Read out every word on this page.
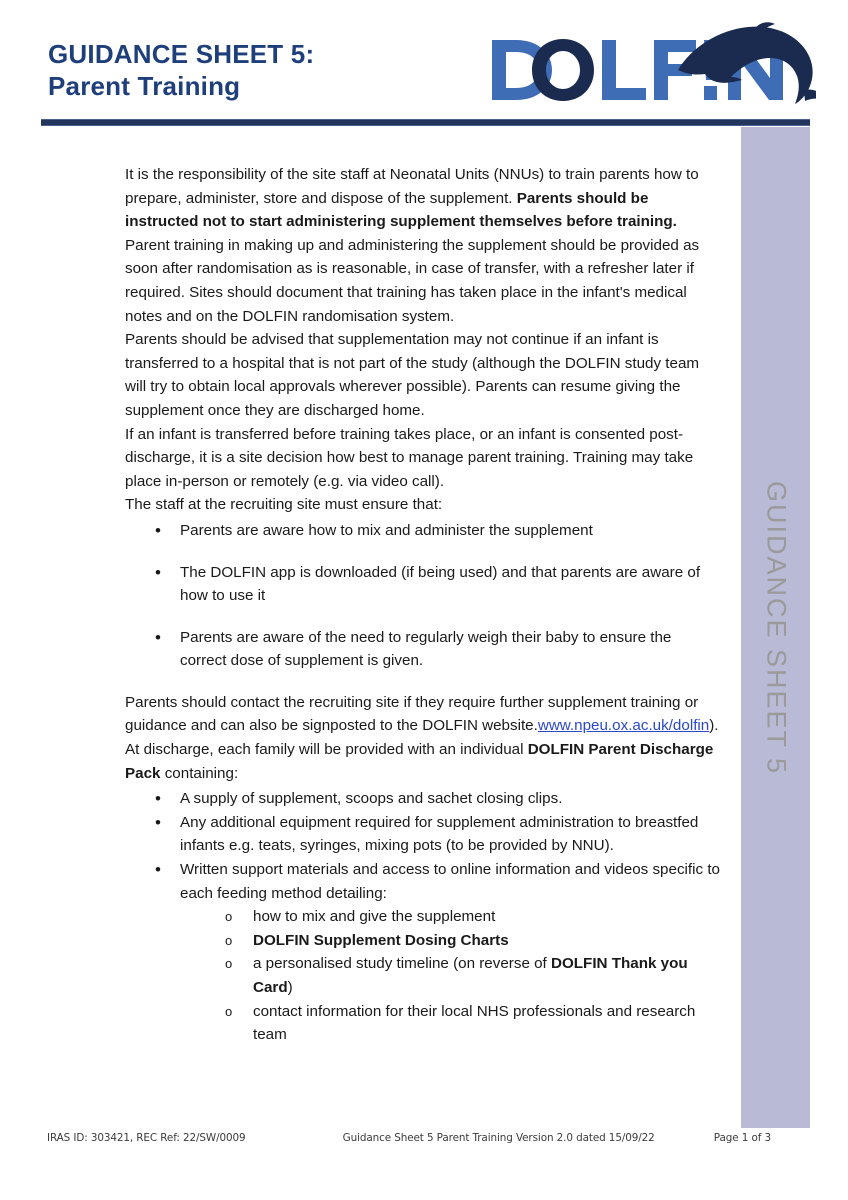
GUIDANCE SHEET 5:
Parent Training
GUIDANCE SHEET 5

It is the responsibility of the site staff at Neonatal Units (NNUs) to train parents how to prepare, administer, store and dispose of the supplement. Parents should be instructed not to start administering supplement themselves before training. Parent training in making up and administering the supplement should be provided as soon after randomisation as is reasonable, in case of transfer, with a refresher later if required. Sites should document that training has taken place in the infant's medical notes and on the DOLFIN randomisation system.

Parents should be advised that supplementation may not continue if an infant is transferred to a hospital that is not part of the study (although the DOLFIN study team will try to obtain local approvals wherever possible). Parents can resume giving the supplement once they are discharged home.

If an infant is transferred before training takes place, or an infant is consented post-discharge, it is a site decision how best to manage parent training. Training may take place in-person or remotely (e.g. via video call).

The staff at the recruiting site must ensure that:

• Parents are aware how to mix and administer the supplement
• The DOLFIN app is downloaded (if being used) and that parents are aware of how to use it
• Parents are aware of the need to regularly weigh their baby to ensure the correct dose of supplement is given.

Parents should contact the recruiting site if they require further supplement training or guidance and can also be signposted to the DOLFIN website.www.npeu.ox.ac.uk/dolfin).

At discharge, each family will be provided with an individual DOLFIN Parent Discharge Pack containing:

• A supply of supplement, scoops and sachet closing clips.
• Any additional equipment required for supplement administration to breastfed infants e.g. teats, syringes, mixing pots (to be provided by NNU).
• Written support materials and access to online information and videos specific to each feeding method detailing:
o how to mix and give the supplement
o DOLFIN Supplement Dosing Charts
o a personalised study timeline (on reverse of DOLFIN Thank you Card)
o contact information for their local NHS professionals and research team
IRAS ID: 303421, REC Ref: 22/SW/0009	Guidance Sheet 5 Parent Training Version 2.0 dated 15/09/22	Page 1 of 3
